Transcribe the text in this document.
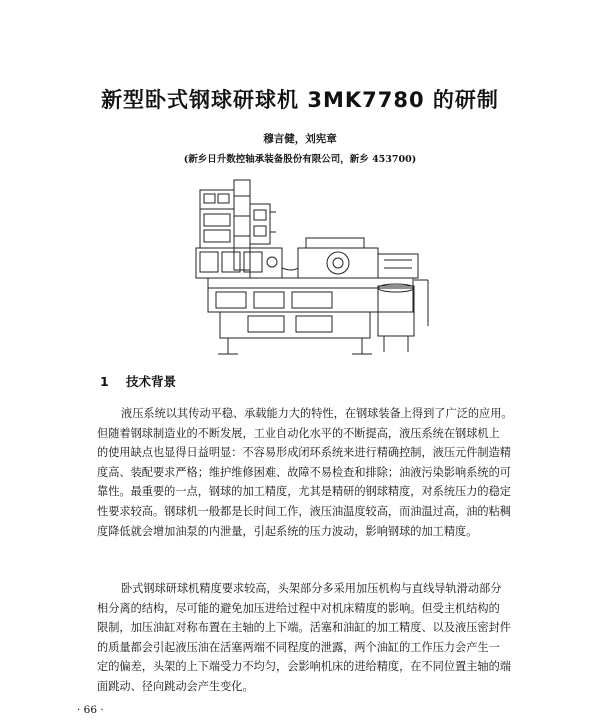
新型卧式钢球研球机 3MK7780 的研制
穆言健，刘宪章
(新乡日升数控轴承装备股份有限公司，新乡 453700)
1 技术背景
液压系统以其传动平稳、承载能力大的特性，在钢球装备上得到了广泛的应用。
但随着钢球制造业的不断发展，工业自动化水平的不断提高，液压系统在钢球机上
的使用缺点也显得日益明显：不容易形成闭环系统来进行精确控制，液压元件制造精
度高、装配要求严格；维护维修困难、故障不易检查和排除；油液污染影响系统的可
靠性。最重要的一点，钢球的加工精度，尤其是精研的钢球精度，对系统压力的稳定
性要求较高。钢球机一般都是长时间工作，液压油温度较高，而油温过高，油的粘稠
度降低就会增加油泵的内泄量，引起系统的压力波动，影响钢球的加工精度。
卧式钢球研球机精度要求较高，头架部分多采用加压机构与直线导轨滑动部分
相分离的结构，尽可能的避免加压进给过程中对机床精度的影响。但受主机结构的
限制，加压油缸对称布置在主轴的上下端。活塞和油缸的加工精度、以及液压密封件
的质量都会引起液压油在活塞两端不同程度的泄露，两个油缸的工作压力会产生一
定的偏差，头架的上下端受力不均匀，会影响机床的进给精度，在不同位置主轴的端
面跳动、径向跳动会产生变化。
· 66 ·
